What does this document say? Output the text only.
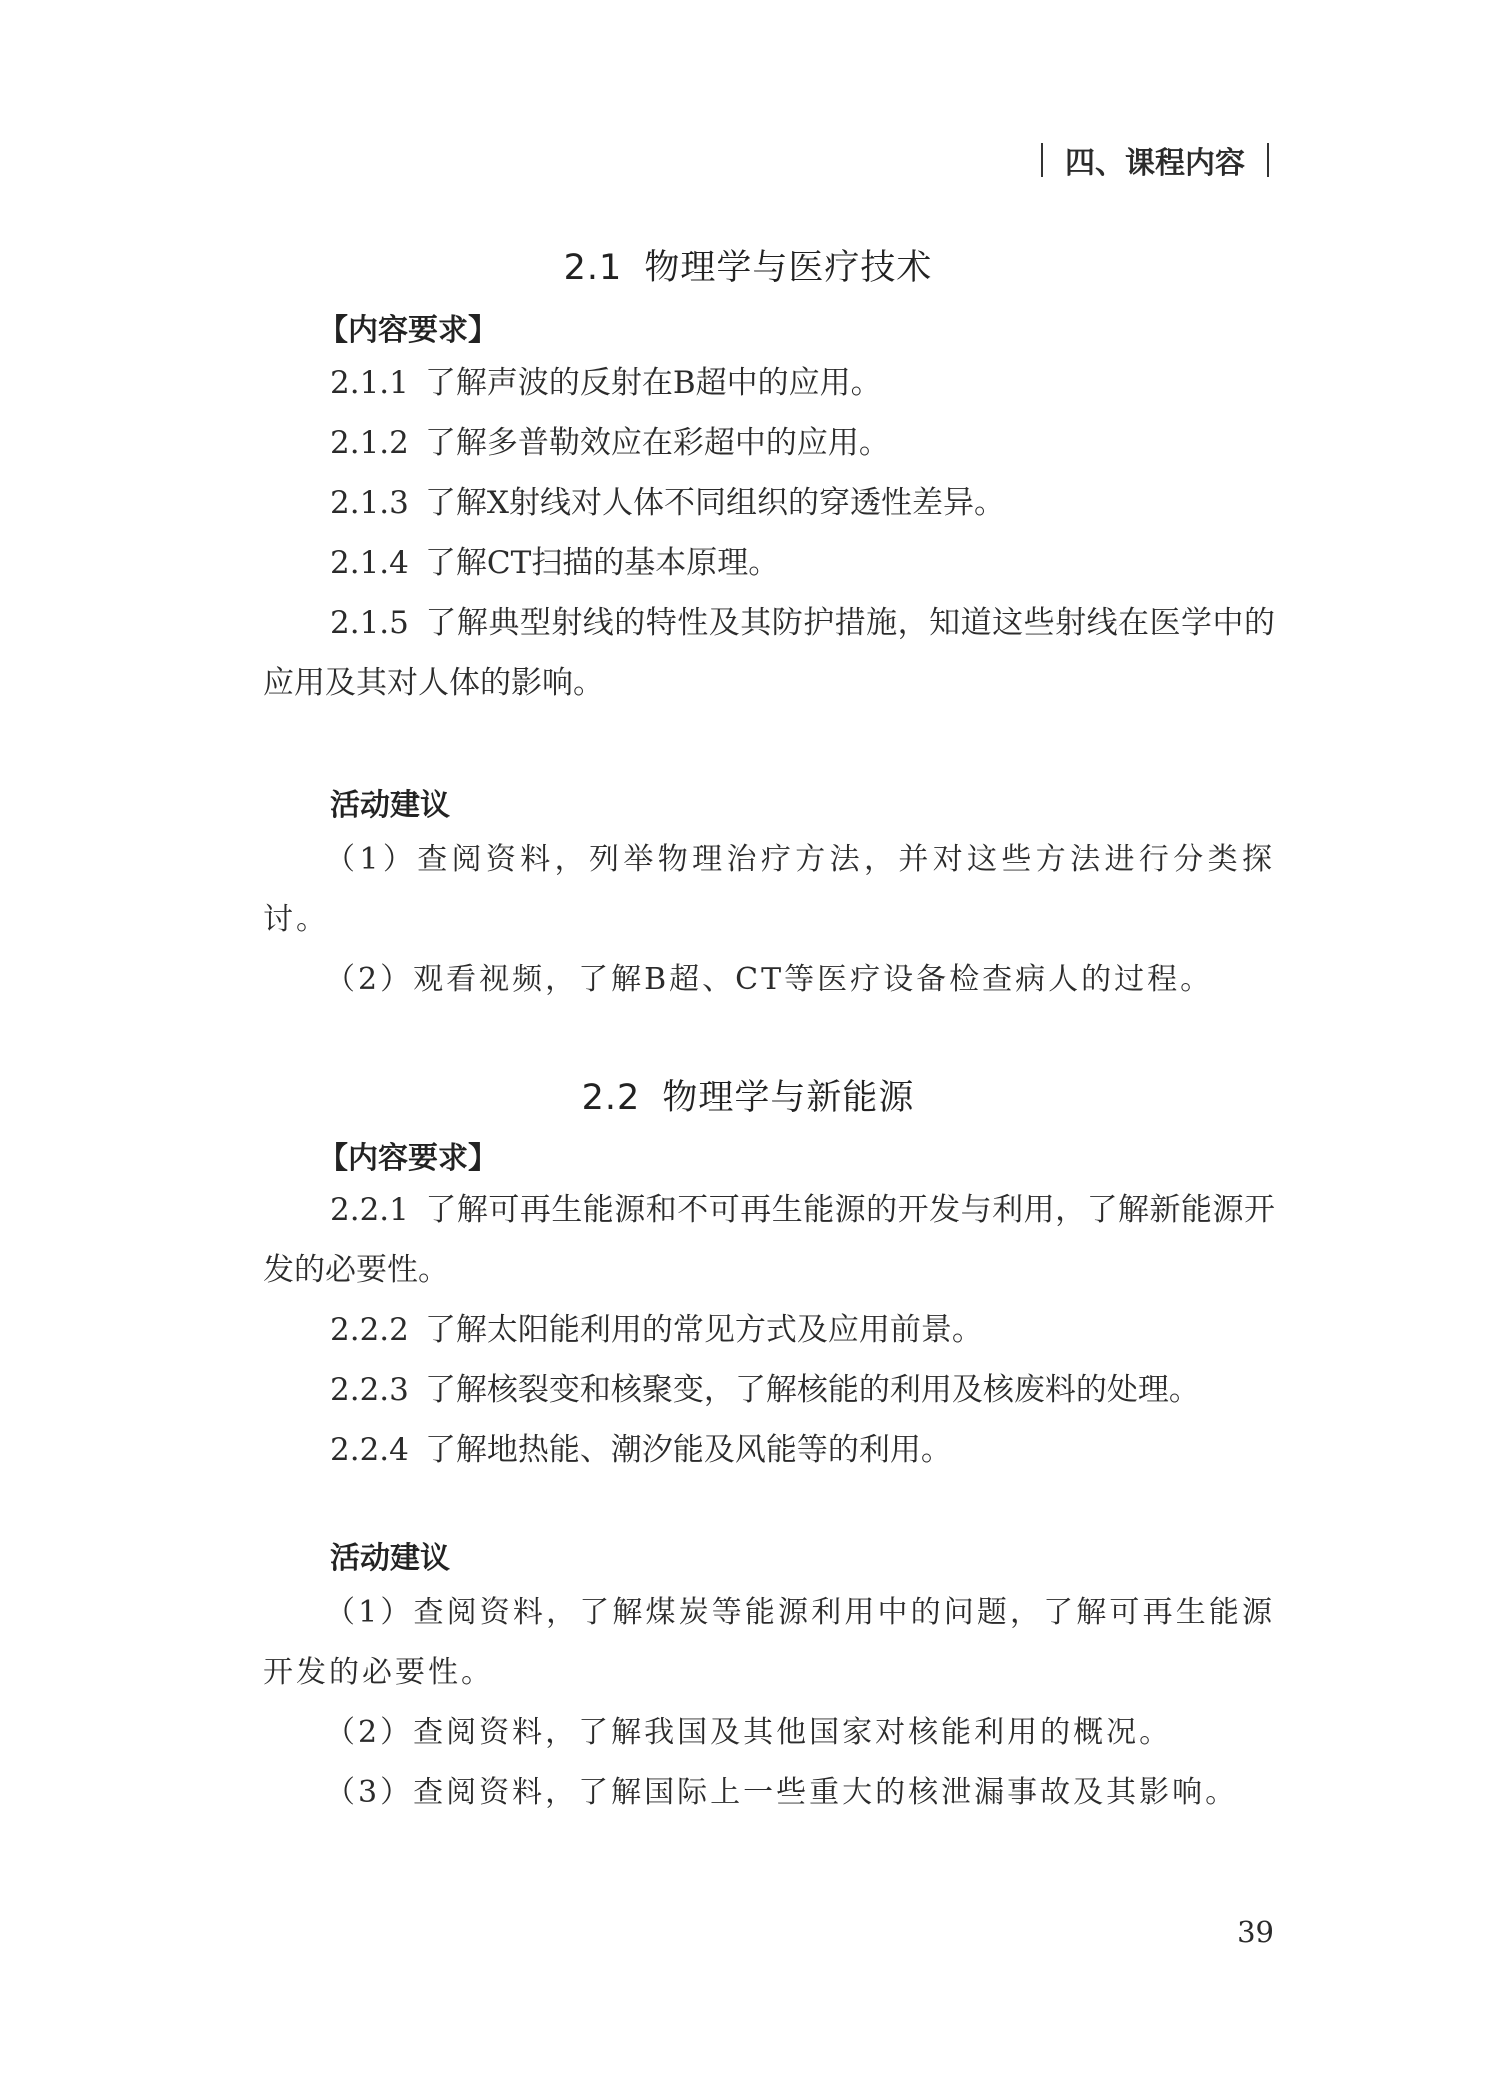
四、课程内容
2.1 物理学与医疗技术
【内容要求】
2.1.1 了解声波的反射在B超中的应用。
2.1.2 了解多普勒效应在彩超中的应用。
2.1.3 了解X射线对人体不同组织的穿透性差异。
2.1.4 了解CT扫描的基本原理。
2.1.5 了解典型射线的特性及其防护措施，知道这些射线在医学中的应用及其对人体的影响。
活动建议
（1）查阅资料，列举物理治疗方法，并对这些方法进行分类探讨。
（2）观看视频，了解B超、CT等医疗设备检查病人的过程。
2.2 物理学与新能源
【内容要求】
2.2.1 了解可再生能源和不可再生能源的开发与利用，了解新能源开发的必要性。
2.2.2 了解太阳能利用的常见方式及应用前景。
2.2.3 了解核裂变和核聚变，了解核能的利用及核废料的处理。
2.2.4 了解地热能、潮汐能及风能等的利用。
活动建议
（1）查阅资料，了解煤炭等能源利用中的问题，了解可再生能源开发的必要性。
（2）查阅资料，了解我国及其他国家对核能利用的概况。
（3）查阅资料，了解国际上一些重大的核泄漏事故及其影响。
39
